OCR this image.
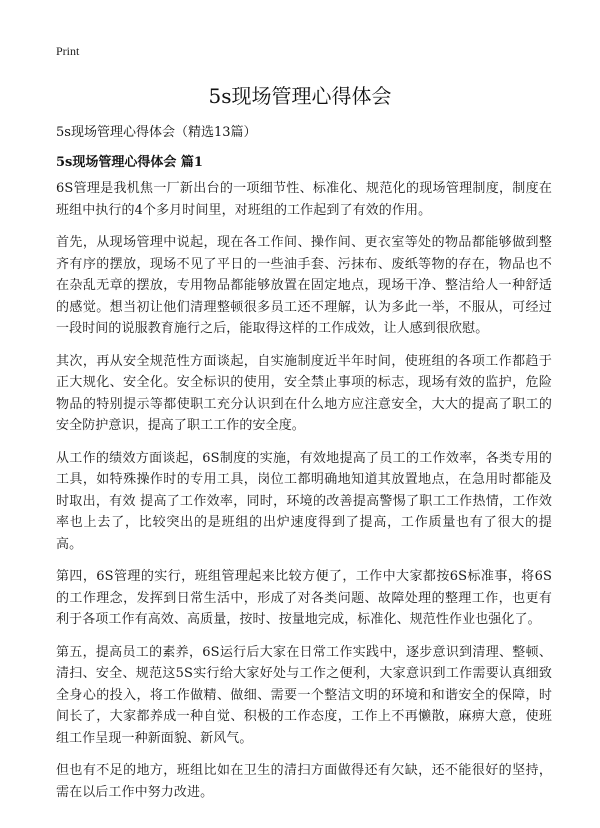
Print
5s现场管理心得体会
5s现场管理心得体会（精选13篇）
5s现场管理心得体会 篇1

6S管理是我机焦一厂新出台的一项细节性、标准化、规范化的现场管理制度，制度在班组中执行的4个多月时间里，对班组的工作起到了有效的作用。

首先，从现场管理中说起，现在各工作间、操作间、更衣室等处的物品都能够做到整齐有序的摆放，现场不见了平日的一些油手套、污抹布、废纸等物的存在，物品也不在杂乱无章的摆放，专用物品都能够放置在固定地点，现场干净、整洁给人一种舒适的感觉。想当初让他们清理整顿很多员工还不理解，认为多此一举，不服从，可经过一段时间的说服教育施行之后，能取得这样的工作成效，让人感到很欣慰。

其次，再从安全规范性方面谈起，自实施制度近半年时间，使班组的各项工作都趋于正大规化、安全化。安全标识的使用，安全禁止事项的标志，现场有效的监护，危险物品的特别提示等都使职工充分认识到在什么地方应注意安全，大大的提高了职工的安全防护意识，提高了职工工作的安全度。

从工作的绩效方面谈起，6S制度的实施，有效地提高了员工的工作效率，各类专用的工具，如特殊操作时的专用工具，岗位工都明确地知道其放置地点，在急用时都能及时取出，有效 提高了工作效率，同时，环境的改善提高警惕了职工工作热情，工作效率也上去了，比较突出的是班组的出炉速度得到了提高，工作质量也有了很大的提高。

第四，6S管理的实行，班组管理起来比较方便了，工作中大家都按6S标准事，将6S的工作理念，发挥到日常生活中，形成了对各类问题、故障处理的整理工作，也更有利于各项工作有高效、高质量，按时、按量地完成，标准化、规范性作业也强化了。

第五，提高员工的素养，6S运行后大家在日常工作实践中，逐步意识到清理、整顿、清扫、安全、规范这5S实行给大家好处与工作之便利，大家意识到工作需要认真细致全身心的投入，将工作做精、做细、需要一个整洁文明的环境和和谐安全的保障，时间长了，大家都养成一种自觉、积极的工作态度，工作上不再懒散，麻痹大意，使班组工作呈现一种新面貌、新风气。

但也有不足的地方，班组比如在卫生的清扫方面做得还有欠缺，还不能很好的坚持，需在以后工作中努力改进。
